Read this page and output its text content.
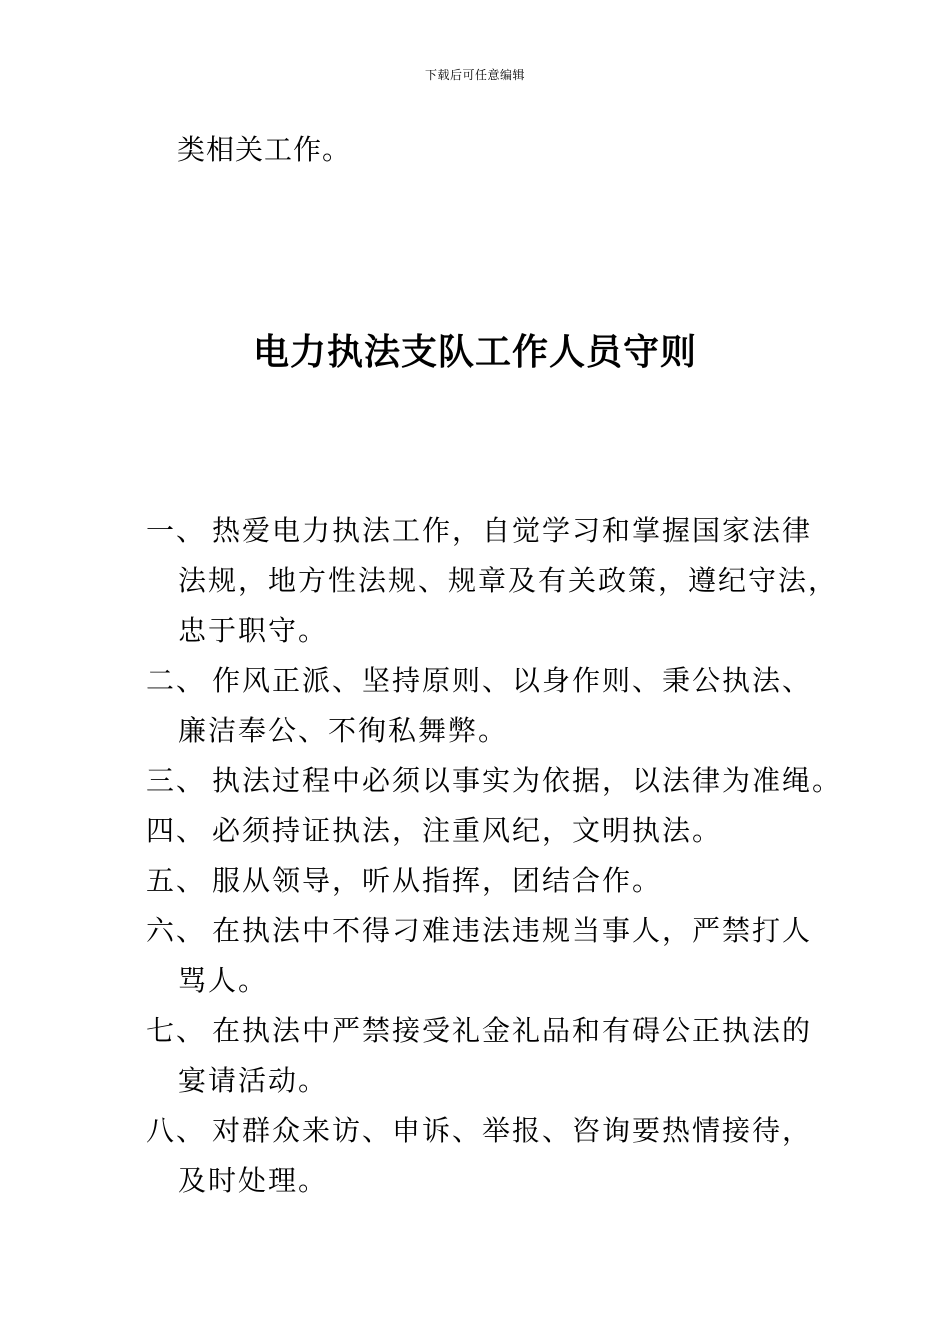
下载后可任意编辑
类相关工作。
电力执法支队工作人员守则
一、 热爱电力执法工作，自觉学习和掌握国家法律
法规，地方性法规、规章及有关政策，遵纪守法，
忠于职守。
二、 作风正派、坚持原则、以身作则、秉公执法、
廉洁奉公、不徇私舞弊。
三、 执法过程中必须以事实为依据，以法律为准绳。
四、 必须持证执法，注重风纪，文明执法。
五、 服从领导，听从指挥，团结合作。
六、 在执法中不得刁难违法违规当事人，严禁打人
骂人。
七、 在执法中严禁接受礼金礼品和有碍公正执法的
宴请活动。
八、 对群众来访、申诉、举报、咨询要热情接待，
及时处理。
